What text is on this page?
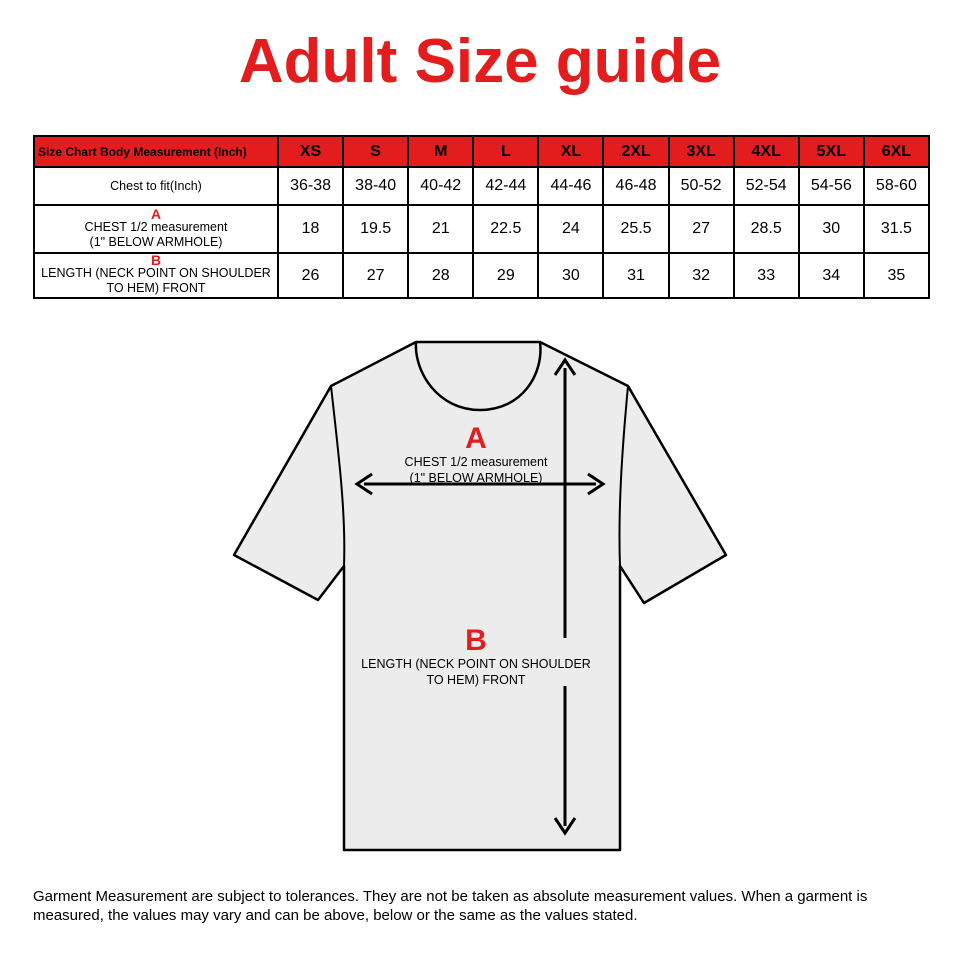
Adult Size guide
Size Chart Body Measurement (Inch)	XS	S	M	L	XL	2XL	3XL	4XL	5XL	6XL
Chest to fit(Inch)	36-38	38-40	40-42	42-44	44-46	46-48	50-52	52-54	54-56	58-60

A
CHEST 1/2 measurement
(1" BELOW ARMHOLE)	18	19.5	21	22.5	24	25.5	27	28.5	30	31.5

B
LENGTH (NECK POINT ON SHOULDER
TO HEM) FRONT	26	27	28	29	30	31	32	33	34	35
A
CHEST 1/2 measurement
(1" BELOW ARMHOLE)
B
LENGTH (NECK POINT ON SHOULDER
TO HEM) FRONT
Garment Measurement are subject to tolerances. They are not be taken as absolute measurement values. When a garment is measured, the values may vary and can be above, below or the same as the values stated.
